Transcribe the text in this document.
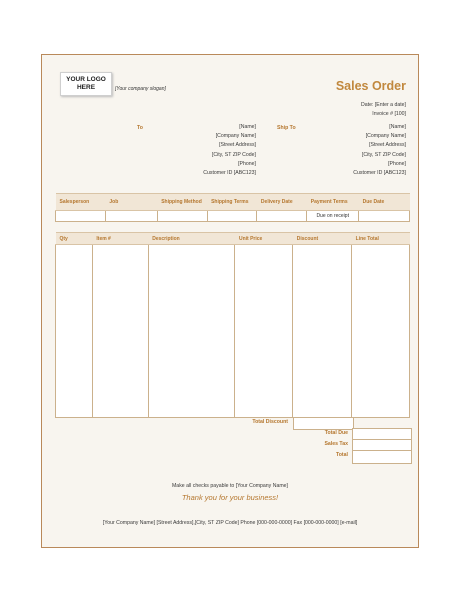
YOUR LOGO
HERE	[Your company slogan]	Sales Order
Date: [Enter a date]
Invoice # [100]
To	[Name]
[Company Name]
[Street Address]
[City, ST ZIP Code]
[Phone]
Customer ID [ABC123]
Ship To	[Name]
[Company Name]
[Street Address]
[City, ST ZIP Code]
[Phone]
Customer ID [ABC123]
Salesperson	Job	Shipping Method	Shipping Terms	Delivery Date	Payment Terms	Due Date
					Due on receipt	
Qty	Item #	Description	Unit Price	Discount	Line Total

Total Discount
Total Due
Sales Tax
Total
Make all checks payable to [Your Company Name]
Thank you for your business!
[Your Company Name] [Street Address],[City, ST ZIP Code] Phone [000-000-0000] Fax [000-000-0000] [e-mail]
